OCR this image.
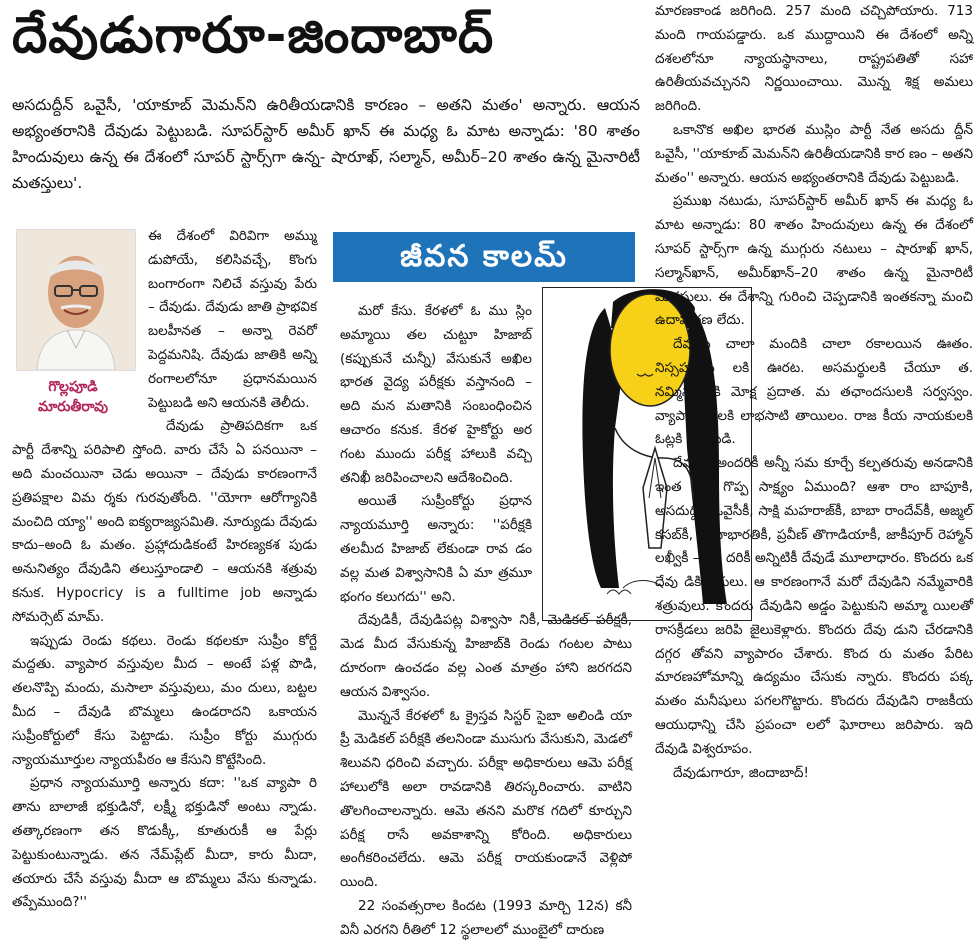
దేవుడుగారూ-జిందాబాద్

అసదుద్దీన్ ఒవైసీ, 'యాకూబ్ మెమన్‌ని ఉరితీయడానికి కారణం – అతని మతం' అన్నారు. ఆయన అభ్యంతరానికి దేవుడు పెట్టుబడి. సూపర్‌స్టార్ అమీర్ ఖాన్ ఈ మధ్య ఓ మాట అన్నాడు: '80 శాతం హిందువులు ఉన్న ఈ దేశంలో సూపర్ స్టార్స్‌గా ఉన్న- షారూఖ్, సల్మాన్, అమీర్–20 శాతం ఉన్న మైనారిటీ మతస్తులు'.

జీవన కాలమ్
గొల్లపూడి
మారుతీరావు

ఈ దేశంలో విరివిగా అమ్ము డుపోయే, కలిసివచ్చే, కొంగు బంగారంగా నిలిచే వస్తువు పేరు – దేవుడు. దేవుడు జాతి ప్రాభవిక బలహీనత – అన్నా రెవరో పెద్దమనిషి. దేవుడు జాతికి అన్ని రంగాలలోనూ ప్రధానమయిన పెట్టుబడి అని ఆయనకి తెలీదు.

దేవుడు ప్రాతిపదికగా ఒక పార్టీ దేశాన్ని పరిపాలి స్తోంది. వారు చేసే ఏ పనయినా – అది మంచయినా చెడు అయినా – దేవుడు కారణంగానే ప్రతిపక్షాల విమ ర్శకు గురవుతోంది. ''యోగా ఆరోగ్యానికి మంచిది య్యా'' అంది ఐక్యరాజ్యసమితి. నూర్యుడు దేవుడు కాదు–అంది ఓ మతం. ప్రహ్లాదుడికంటే హిరణ్యకశ పుడు అనునిత్యం దేవుడిని తలుస్తూండాలి – ఆయనకి శత్రువు కనుక. Hypocricy is a fulltime job అన్నాడు సోమర్సెట్ మామ్.

ఇప్పుడు రెండు కథలు. రెండు కథలకూ సుప్రీం కోర్టే మద్దతు. వ్యాపార వస్తువుల మీద – అంటే పళ్ల పొడి, తలనొప్పి మందు, మసాలా వస్తువులు, మం దులు, బట్టల మీద – దేవుడి బొమ్మలు ఉండరాదని ఒకాయన సుప్రీంకోర్టులో కేసు పెట్టాడు. సుప్రీం కోర్టు ముగ్గురు న్యాయమూర్తుల న్యాయపీఠం ఆ కేసుని కొట్టేసింది.

ప్రధాన న్యాయమూర్తి అన్నారు కదా: ''ఒక వ్యాపా రి తాను బాలాజీ భక్తుడినో, లక్ష్మీ భక్తుడినో అంటు న్నాడు. తత్కారణంగా తన కొడుక్కీ, కూతురుకీ ఆ పేర్లు పెట్టుకుంటున్నాడు. తన నేమ్‌ప్లేట్ మీదా, కారు మీదా, తయారు చేసే వస్తువు మీదా ఆ బొమ్మలు వేసు కున్నాడు. తప్పేముంది?''

మరో కేసు. కేరళలో ఓ ము స్లిం అమ్మాయి తల చుట్టూ హిజాబ్ (కప్పుకునే చున్నీ) వేసుకునే అఖిల భారత వైద్య పరీక్షకు వస్తానంది – అది మన మతానికి సంబంధించిన ఆచారం కనుక. కేరళ హైకోర్టు అర గంట ముందు పరీక్ష హాలుకి వచ్చి తనిఖీ జరిపించాలని ఆదేశించింది.

అయితే సుప్రీంకోర్టు ప్రధాన న్యాయమూర్తి అన్నారు: ''పరీక్షకి తలమీద హిజాబ్ లేకుండా రావ డం వల్ల మత విశ్వాసానికి ఏ మా త్రమూ భంగం కలుగదు'' అని.

దేవుడికీ, దేవుడిపట్ల విశ్వాసా నికీ, మెడికల్ పరీక్షకీ, మెడ మీద వేసుకున్న హిజాబ్‌కి రెండు గంటల పాటు దూరంగా ఉంచడం వల్ల ఎంత మాత్రం హాని జరగదని ఆయన విశ్వాసం.

మొన్ననే కేరళలో ఓ క్రైస్తవ సిస్టర్ సైబా అలిండి యా ప్రీ మెడికల్ పరీక్షకి తలనిండా ముసుగు వేసుకుని, మెడలో శిలువని ధరించి వచ్చారు. పరీక్షా అధికారులు ఆమె పరీక్ష హాలులోకి అలా రావడానికి తిరస్కరించారు. వాటిని తొలగించాలన్నారు. ఆమె తనని మరొక గదిలో కూర్చుని పరీక్ష రాసే అవకాశాన్ని కోరింది. అధికారులు అంగీకరించలేదు. ఆమె పరీక్ష రాయకుండానే వెళ్లిపో యింది.

22 సంవత్సరాల కిందట (1993 మార్చి 12న) కనీ వినీ ఎరగని రీతిలో 12 స్థలాలలో ముంబైలో దారుణ

మారణకాండ జరిగింది. 257 మంది చచ్చిపోయారు. 713 మంది గాయపడ్డారు. ఒక ముద్దాయిని ఈ దేశంలో అన్ని దశలలోనూ న్యాయస్థానాలు, రాష్ట్రపతితో సహా ఉరితీయవచ్చునని నిర్ణయించాయి. మొన్న శిక్ష అమలు జరిగింది.

ఒకానొక అఖిల భారత ముస్లిం పార్టీ నేత అసదు ద్దీన్ ఒవైసీ, ''యాకూబ్ మెమన్‌ని ఉరితీయడానికి కార ణం – అతని మతం'' అన్నారు. ఆయన అభ్యంతరానికి దేవుడు పెట్టుబడి.

ప్రముఖ నటుడు, సూపర్‌స్టార్ అమీర్ ఖాన్ ఈ మధ్య ఓ మాట అన్నాడు: 80 శాతం హిందువులు ఉన్న ఈ దేశంలో సూపర్ స్టార్స్‌గా ఉన్న ముగ్గురు నటులు – షారూఖ్ ఖాన్, సల్మాన్‌ఖాన్, అమీర్‌ఖాన్–20 శాతం ఉన్న మైనారిటీ మతస్తులు. ఈ దేశాన్ని గురించి చెప్పడానికి ఇంతకన్నా మంచి ఉదాహరణ లేదు.

దేవుడు చాలా మందికి చాలా రకాలయిన ఊతం. నిస్సహాయు లకి ఊరట. అసమర్థులకి చేయూ త. నమ్మినవారికి మోక్ష ప్రదాత. మ తఛాందసులకి సర్వస్వం. వ్యాపార స్తులకి లాభసాటి తాయిలం. రాజ కీయ నాయకులకి ఓట్లకి పెట్టుబడి.

దేవుడు అందరికీ అన్నీ సమ కూర్చే కల్పతరువు అనడానికి ఇంత కన్న గొప్ప సాక్ష్యం ఏముంది? ఆశా రాం బాపూకి, అసదుద్దీన్ ఒవైసీకీ, సాక్షి మహరాజ్‌కీ, బాబా రాందేవ్‌కీ, అజ్మల్ కసబ్‌కీ, ఉమాభారతికీ, ప్రవీణ్ తొగాడియాకీ, జాకీపూర్ రెహ్మాన్ లఖ్వీకీ – అం దరికీ అన్నిటికీ దేవుడే మూలాధారం. కొందరు ఒక దేవు డికి భక్తులు. ఆ కారణంగానే మరో దేవుడిని నమ్మేవారికి శత్రువులు. కొందరు దేవుడిని అడ్డం పెట్టుకుని అమ్మా యిలతో రాసక్రీడలు జరిపి జైలుకెళ్లారు. కొందరు దేవు డుని చేరడానికి దగ్గర తోవని వ్యాపారం చేశారు. కొంద రు మతం పేరిట మారణహోమాన్ని ఉద్యమం చేసుకు న్నారు. కొందరు పక్క మతం మనీషులు పగలగొట్టారు. కొందరు దేవుడిని రాజకీయ ఆయుధాన్ని చేసి ప్రపంచా లలో ఘోరాలు జరిపారు. ఇది దేవుడి విశ్వరూపం.

దేవుడుగారూ, జిందాబాద్!
